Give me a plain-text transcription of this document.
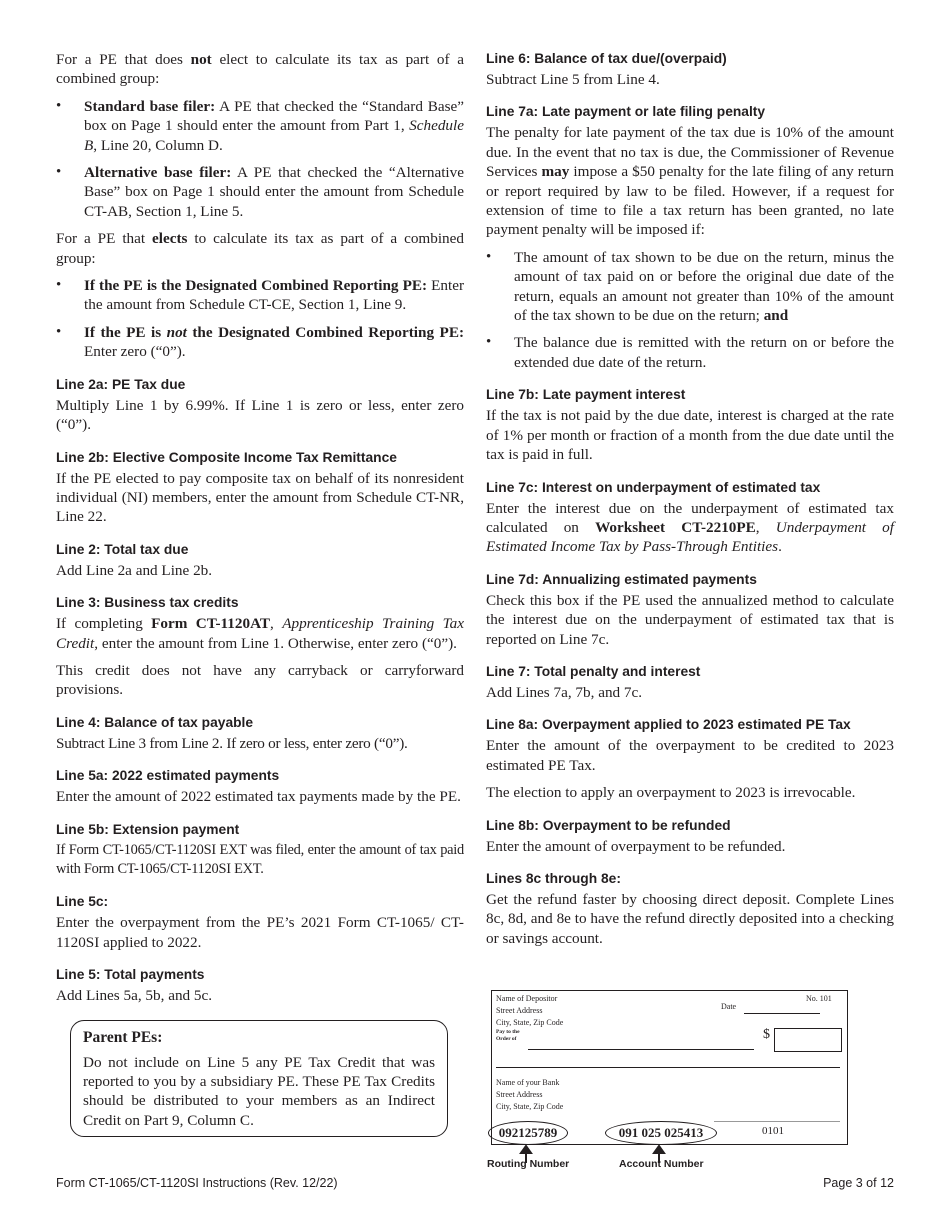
For a PE that does not elect to calculate its tax as part of a combined group:

• Standard base filer: A PE that checked the “Standard Base” box on Page 1 should enter the amount from Part 1, Schedule B, Line 20, Column D.
• Alternative base filer: A PE that checked the “Alternative Base” box on Page 1 should enter the amount from Schedule CT-AB, Section 1, Line 5.

For a PE that elects to calculate its tax as part of a combined group:

• If the PE is the Designated Combined Reporting PE: Enter the amount from Schedule CT-CE, Section 1, Line 9.
• If the PE is not the Designated Combined Reporting PE: Enter zero (“0”).
Line 2a: PE Tax due

Multiply Line 1 by 6.99%. If Line 1 is zero or less, enter zero (“0”).

Line 2b: Elective Composite Income Tax Remittance

If the PE elected to pay composite tax on behalf of its nonresident individual (NI) members, enter the amount from Schedule CT-NR, Line 22.

Line 2: Total tax due

Add Line 2a and Line 2b.

Line 3: Business tax credits

If completing Form CT-1120AT, Apprenticeship Training Tax Credit, enter the amount from Line 1. Otherwise, enter zero (“0”).

This credit does not have any carryback or carryforward provisions.

Line 4: Balance of tax payable

Subtract Line 3 from Line 2. If zero or less, enter zero (“0”).

Line 5a: 2022 estimated payments

Enter the amount of 2022 estimated tax payments made by the PE.

Line 5b: Extension payment

If Form CT-1065/CT-1120SI EXT was filed, enter the amount of tax paid with Form CT-1065/CT-1120SI EXT.

Line 5c:

Enter the overpayment from the PE’s 2021 Form CT-1065/ CT-1120SI applied to 2022.

Line 5: Total payments

Add Lines 5a, 5b, and 5c.

Parent PEs:

Do not include on Line 5 any PE Tax Credit that was reported to you by a subsidiary PE. These PE Tax Credits should be distributed to your members as an Indirect Credit on Part 9, Column C.

Line 6: Balance of tax due/(overpaid)

Subtract Line 5 from Line 4.

Line 7a: Late payment or late filing penalty

The penalty for late payment of the tax due is 10% of the amount due. In the event that no tax is due, the Commissioner of Revenue Services may impose a $50 penalty for the late filing of any return or report required by law to be filed. However, if a request for extension of time to file a tax return has been granted, no late payment penalty will be imposed if:

• The amount of tax shown to be due on the return, minus the amount of tax paid on or before the original due date of the return, equals an amount not greater than 10% of the amount of the tax shown to be due on the return; and
• The balance due is remitted with the return on or before the extended due date of the return.
Line 7b: Late payment interest

If the tax is not paid by the due date, interest is charged at the rate of 1% per month or fraction of a month from the due date until the tax is paid in full.

Line 7c: Interest on underpayment of estimated tax

Enter the interest due on the underpayment of estimated tax calculated on Worksheet CT-2210PE, Underpayment of Estimated Income Tax by Pass-Through Entities.

Line 7d: Annualizing estimated payments

Check this box if the PE used the annualized method to calculate the interest due on the underpayment of estimated tax that is reported on Line 7c.

Line 7: Total penalty and interest

Add Lines 7a, 7b, and 7c.

Line 8a: Overpayment applied to 2023 estimated PE Tax

Enter the amount of the overpayment to be credited to 2023 estimated PE Tax.

The election to apply an overpayment to 2023 is irrevocable.

Line 8b: Overpayment to be refunded

Enter the amount of overpayment to be refunded.

Lines 8c through 8e:

Get the refund faster by choosing direct deposit. Complete Lines 8c, 8d, and 8e to have the refund directly deposited into a checking or savings account.

Name of Depositor
Street Address
City, State, Zip Code
No. 101
Date
Pay to the
Order of	$
Name of your Bank
Street Address
City, State, Zip Code
092125789	091 025 025413	0101
Routing Number	Account Number
Form CT-1065/CT-1120SI Instructions (Rev. 12/22)	Page 3 of 12
